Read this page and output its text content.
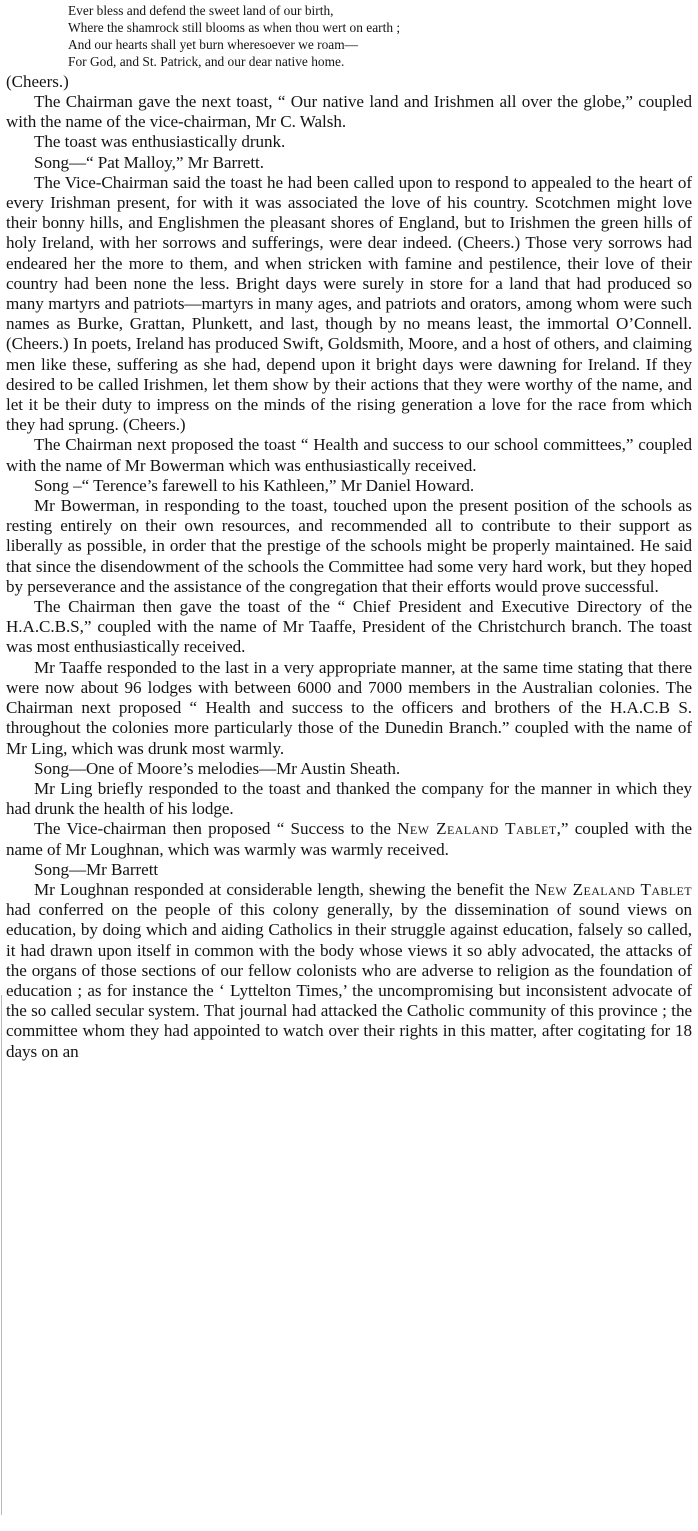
Ever bless and defend the sweet land of our birth,
Where the shamrock still blooms as when thou wert on earth ;
And our hearts shall yet burn wheresoever we roam—
For God, and St. Patrick, and our dear native home.

(Cheers.)

The Chairman gave the next toast, “ Our native land and Irishmen all over the globe,” coupled with the name of the vice-chairman, Mr C. Walsh.

The toast was enthusiastically drunk.

Song—“ Pat Malloy,” Mr Barrett.

The Vice-Chairman said the toast he had been called upon to respond to appealed to the heart of every Irishman present, for with it was associated the love of his country. Scotchmen might love their bonny hills, and Englishmen the pleasant shores of England, but to Irishmen the green hills of holy Ireland, with her sorrows and sufferings, were dear indeed. (Cheers.) Those very sorrows had endeared her the more to them, and when stricken with famine and pestilence, their love of their country had been none the less. Bright days were surely in store for a land that had produced so many martyrs and patriots—martyrs in many ages, and patriots and orators, among whom were such names as Burke, Grattan, Plunkett, and last, though by no means least, the immortal O’Connell. (Cheers.) In poets, Ireland has produced Swift, Goldsmith, Moore, and a host of others, and claiming men like these, suffering as she had, depend upon it bright days were dawning for Ireland. If they desired to be called Irishmen, let them show by their actions that they were worthy of the name, and let it be their duty to impress on the minds of the rising generation a love for the race from which they had sprung. (Cheers.)

The Chairman next proposed the toast “ Health and success to our school committees,” coupled with the name of Mr Bowerman which was enthusiastically received.

Song –“ Terence’s farewell to his Kathleen,” Mr Daniel Howard.

Mr Bowerman, in responding to the toast, touched upon the present position of the schools as resting entirely on their own resources, and recommended all to contribute to their support as liberally as possible, in order that the prestige of the schools might be properly maintained. He said that since the disendowment of the schools the Committee had some very hard work, but they hoped by perseverance and the assistance of the congregation that their efforts would prove successful.

The Chairman then gave the toast of the “ Chief President and Executive Directory of the H.A.C.B.S,” coupled with the name of Mr Taaffe, President of the Christchurch branch. The toast was most enthusiastically received.

Mr Taaffe responded to the last in a very appropriate manner, at the same time stating that there were now about 96 lodges with between 6000 and 7000 members in the Australian colonies. The Chairman next proposed “ Health and success to the officers and brothers of the H.A.C.B S. throughout the colonies more particularly those of the Dunedin Branch.” coupled with the name of Mr Ling, which was drunk most warmly.

Song—One of Moore’s melodies—Mr Austin Sheath.

Mr Ling briefly responded to the toast and thanked the company for the manner in which they had drunk the health of his lodge.

The Vice-chairman then proposed “ Success to the New Zealand Tablet,” coupled with the name of Mr Loughnan, which was warmly was warmly received.

Song—Mr Barrett

Mr Loughnan responded at considerable length, shewing the benefit the New Zealand Tablet had conferred on the people of this colony generally, by the dissemination of sound views on education, by doing which and aiding Catholics in their struggle against education, falsely so called, it had drawn upon itself in common with the body whose views it so ably advocated, the attacks of the organs of those sections of our fellow colonists who are adverse to religion as the foundation of education ; as for instance the ‘ Lyttelton Times,’ the uncompromising but inconsistent advocate of the so called secular system. That journal had attacked the Catholic community of this province ; the committee whom they had appointed to watch over their rights in this matter, after cogitating for 18 days on an
